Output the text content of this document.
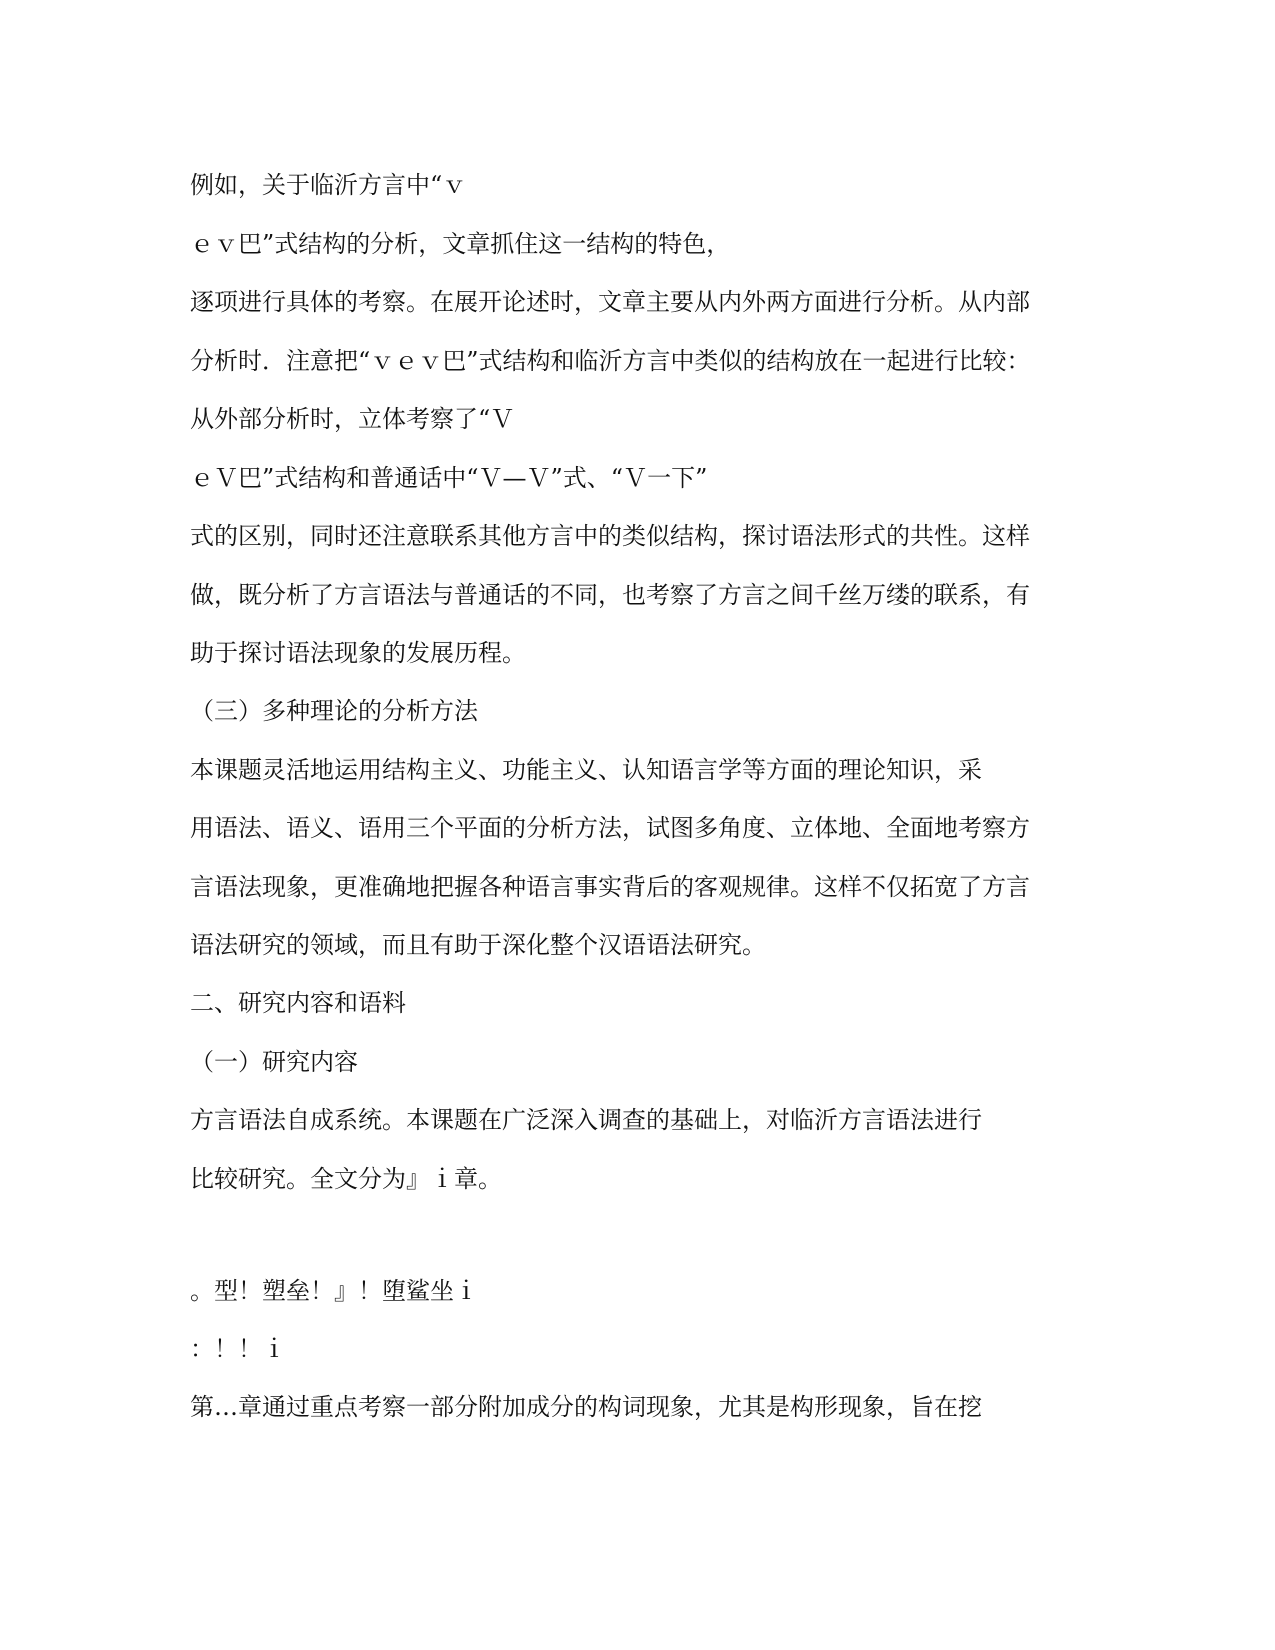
例如，关于临沂方言中“ｖ
ｅｖ巴”式结构的分析，文章抓住这一结构的特色，
逐项进行具体的考察。在展开论述时，文章主要从内外两方面进行分析。从内部
分析时．注意把“ｖｅｖ巴”式结构和临沂方言中类似的结构放在一起进行比较：
从外部分析时，立体考察了“Ｖ
ｅＶ巴”式结构和普通话中“Ｖ—Ｖ”式、“Ｖ一下”
式的区别，同时还注意联系其他方言中的类似结构，探讨语法形式的共性。这样
做，既分析了方言语法与普通话的不同，也考察了方言之间千丝万缕的联系，有
助于探讨语法现象的发展历程。
（三）多种理论的分析方法
本课题灵活地运用结构主义、功能主义、认知语言学等方面的理论知识，采
用语法、语义、语用三个平面的分析方法，试图多角度、立体地、全面地考察方
言语法现象，更准确地把握各种语言事实背后的客观规律。这样不仅拓宽了方言
语法研究的领域，而且有助于深化整个汉语语法研究。
二、研究内容和语料
（一）研究内容
方言语法自成系统。本课题在广泛深入调查的基础上，对临沂方言语法进行
比较研究。全文分为』ｉ章。
。型！塑垒！』！堕鲨坐ｉ
：！！ｉ
第…章通过重点考察一部分附加成分的构词现象，尤其是构形现象，旨在挖
